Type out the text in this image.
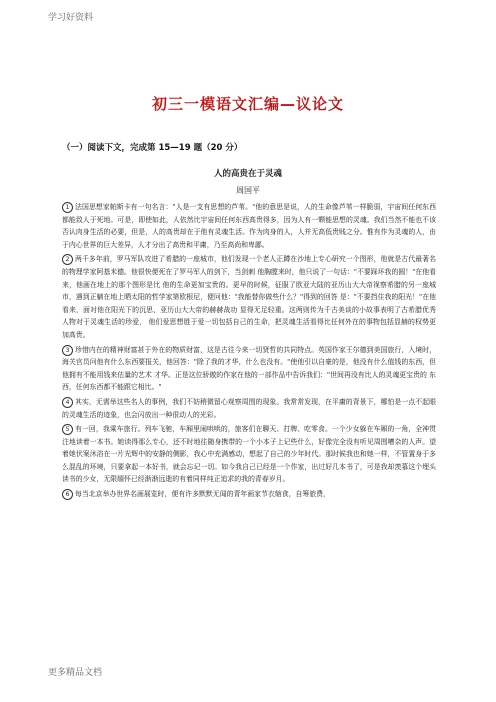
学习好资料
初三一模语文汇编—议论文
（一）阅读下文，完成第 15—19 题（20 分）
人的高贵在于灵魂
周国平

1 法国思想家帕斯卡有一句名言："人是一支有思想的芦苇。"他的意思是说，人的生命像芦苇一样脆弱，宇宙间任何东西都能致人于死地。可是，即使如此，人依然比宇宙间任何东西高贵得多，因为人有一颗能思想的灵魂。我们当然不能也不该否认肉身生活的必要，但是，人的高贵却在于他有灵魂生活。作为肉身的人，人并无高低贵贱之分。惟有作为灵魂的人，由于内心世界的巨大差异，人才分出了高贵和平庸，乃至高尚和卑鄙。

2 两千多年前，罗马军队攻进了希腊的一座城市，他们发现一个老人正蹲在沙地上专心研究一个图形，他就是古代最著名的物理学家阿基米德。他很快便死在了罗马军人的剑下，当剑刺 他胸膛来时，他只说了一句话："不要踩坏我的圆！"在他看来，他画在地上的那个图形是比 他的生命更加宝贵的。更早的时候，征服了欧亚大陆的亚历山大大帝视察希腊的另一座城市，遇到正躺在地上晒太阳的哲学家第欧根尼，便问他："我能替你做些什么？"得到的回答 是："不要挡住我的阳光！"在他看来，面对他在阳光下的沉思，亚历山大大帝的赫赫战功 显得无足轻重。这两则传为千古美谈的小故事表明了古希腊优秀人物对于灵魂生活的珍爱， 他们爱思想胜于爱一切包括自己的生命，把灵魂生活看得比任何外在的事物包括显赫的权势更加高贵。

3 珍惜内在的精神财富甚于外在的物质财富，这是古往今来一切贤哲的共同特点。英国作家王尔德到美国旅行，入境时，海关官员问他有什么东西要报关，他回答："除了我的才华，什么也没有。"使他引以自豪的是，他没有什么值钱的东西，但他拥有不能用钱来估量的艺术 才华。正是这位骄傲的作家在他的一部作品中告诉我们："世间再没有比人的灵魂更宝贵的 东西，任何东西都不能跟它相比。"

4 其实，无需举这些名人的事例，我们不妨稍微留心观察周围的现象。我常常发现，在平庸的背景下，哪怕是一点不起眼的灵魂生活的迹象，也会闪放出一种很动人的光彩。

5 有一回，我乘车旅行。列车飞驰，车厢里闹哄哄的，旅客们在聊天、打牌、吃零食。一个少女躲在车厢的一角，全神贯注地读着一本书。她读得那么专心，还不时地往随身携带的一个小本子上记些什么，好像完全没有听见周围嘈杂的人声。望着她伏案沐浴在一片光辉中的安静的侧影，我心中充满感动，想起了自己的少年时代。那时候我也和她一样，不管置身于多么混乱的环境，只要拿起一本好书，就会忘记一切。如今我自己已经是一个作家，出过好几本书了，可是我却羡慕这个埋头读书的少女，无限缅怀已经渐渐远逝的有着同样纯正追求的我的青春岁月。

6 每当北京举办世界名画展览时，便有许多默默无闻的青年画家节衣缩食，自筹旅费，

更多精品文档
